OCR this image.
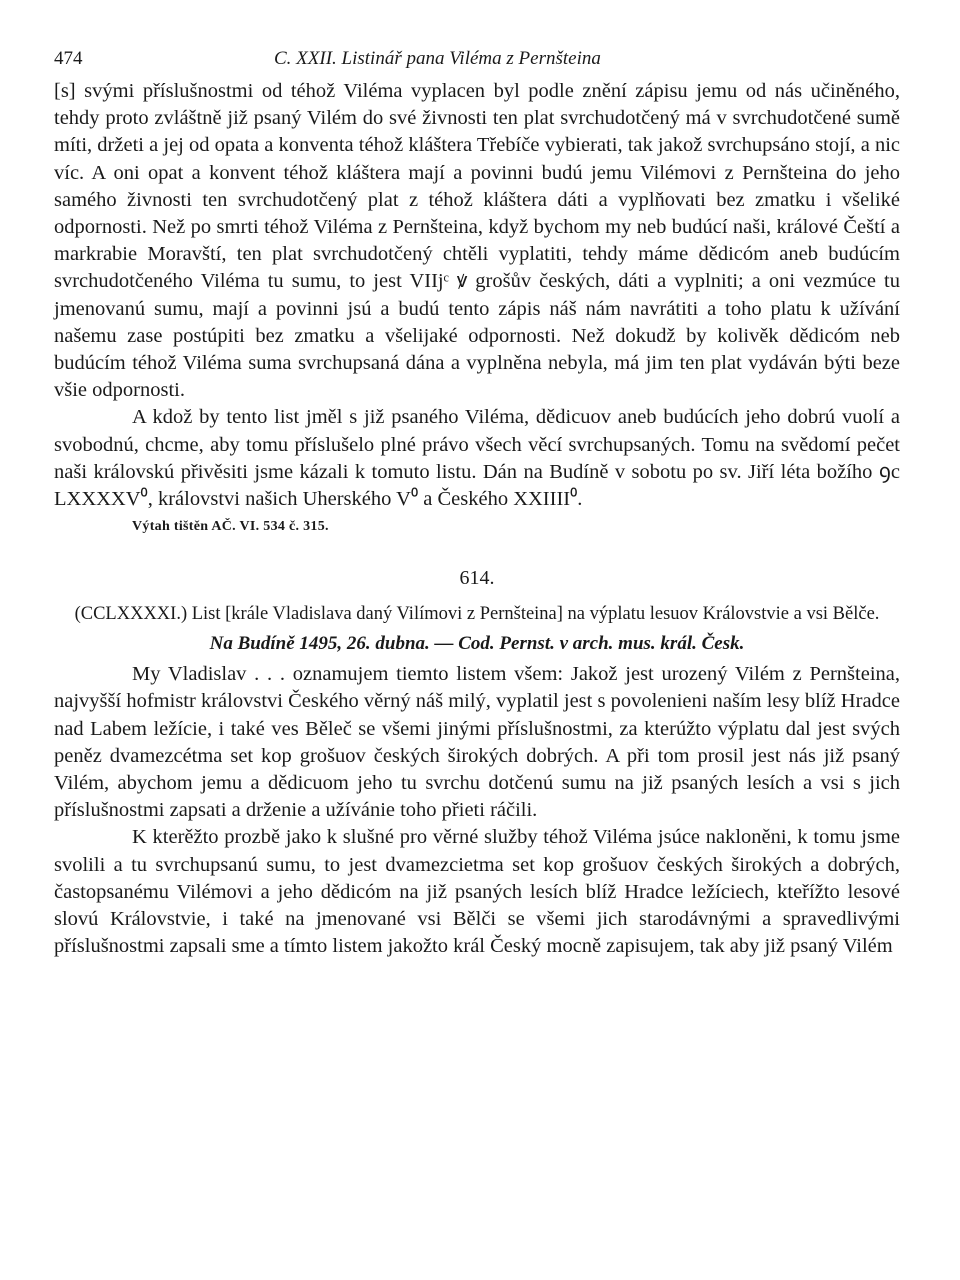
474	C. XXII. Listinář pana Viléma z Pernšteina

[s] svými příslušnostmi od téhož Viléma vyplacen byl podle znění zápisu jemu od nás učiněného, tehdy proto zvláštně již psaný Vilém do své živnosti ten plat svrchudotčený má v svrchudotčené sumě míti, držeti a jej od opata a konventa téhož kláštera Třebíče vybierati, tak jakož svrchupsáno stojí, a nic víc. A oni opat a konvent téhož kláštera mají a povinni budú jemu Vilémovi z Pernšteina do jeho samého živnosti ten svrchudotčený plat z téhož kláštera dáti a vyplňovati bez zmatku i všeliké odpornosti. Než po smrti téhož Viléma z Pernšteina, když bychom my neb budúcí naši, králové Čeští a markrabie Moravští, ten plat svrchudotčený chtěli vyplatiti, tehdy máme dědicóm aneb budúcím svrchudotčeného Viléma tu sumu, to jest VIIjᶜ ꝟ grošův českých, dáti a vyplniti; a oni vezmúce tu jmenovanú sumu, mají a povinni jsú a budú tento zápis náš nám navrátiti a toho platu k užívání našemu zase postúpiti bez zmatku a všelijaké odpornosti. Než dokudž by kolivěk dědicóm neb budúcím téhož Viléma suma svrchupsaná dána a vyplněna nebyla, má jim ten plat vydáván býti beze všie odpornosti.

A kdož by tento list jměl s již psaného Viléma, dědicuov aneb budúcích jeho dobrú vuolí a svobodnú, chcme, aby tomu příslušelo plné právo všech věcí svrchupsaných. Tomu na svědomí pečet naši královskú přivěsiti jsme kázali k tomuto listu. Dán na Budíně v sobotu po sv. Jiří léta božího ꝯc LXXXXV⁰, královstvi našich Uherského V⁰ a Českého XXIIII⁰.

Výtah tištěn AČ. VI. 534 č. 315.
614.

(CCLXXXXI.) List [krále Vladislava daný Vilímovi z Pernšteina] na výplatu lesuov Královstvie a vsi Bělče.

Na Budíně 1495, 26. dubna. — Cod. Pernst. v arch. mus. král. Česk.

My Vladislav . . . oznamujem tiemto listem všem: Jakož jest urozený Vilém z Pernšteina, najvyšší hofmistr královstvi Českého věrný náš milý, vyplatil jest s povolenieni naším lesy blíž Hradce nad Labem ležície, i také ves Běleč se všemi jinými příslušnostmi, za kterúžto výplatu dal jest svých peněz dvamezcétma set kop grošuov českých širokých dobrých. A při tom prosil jest nás již psaný Vilém, abychom jemu a dědicuom jeho tu svrchu dotčenú sumu na již psaných lesích a vsi s jich příslušnostmi zapsati a drženie a užívánie toho přieti ráčili.

K kterěžto prozbě jako k slušné pro věrné služby téhož Viléma jsúce nakloněni, k tomu jsme svolili a tu svrchupsanú sumu, to jest dvamezcietma set kop grošuov českých širokých a dobrých, častopsanému Vilémovi a jeho dědicóm na již psaných lesích blíž Hradce ležíciech, kteřížto lesové slovú Královstvie, i také na jmenované vsi Bělči se všemi jich starodávnými a spravedlivými příslušnostmi zapsali sme a tímto listem jakožto král Český mocně zapisujem, tak aby již psaný Vilém
